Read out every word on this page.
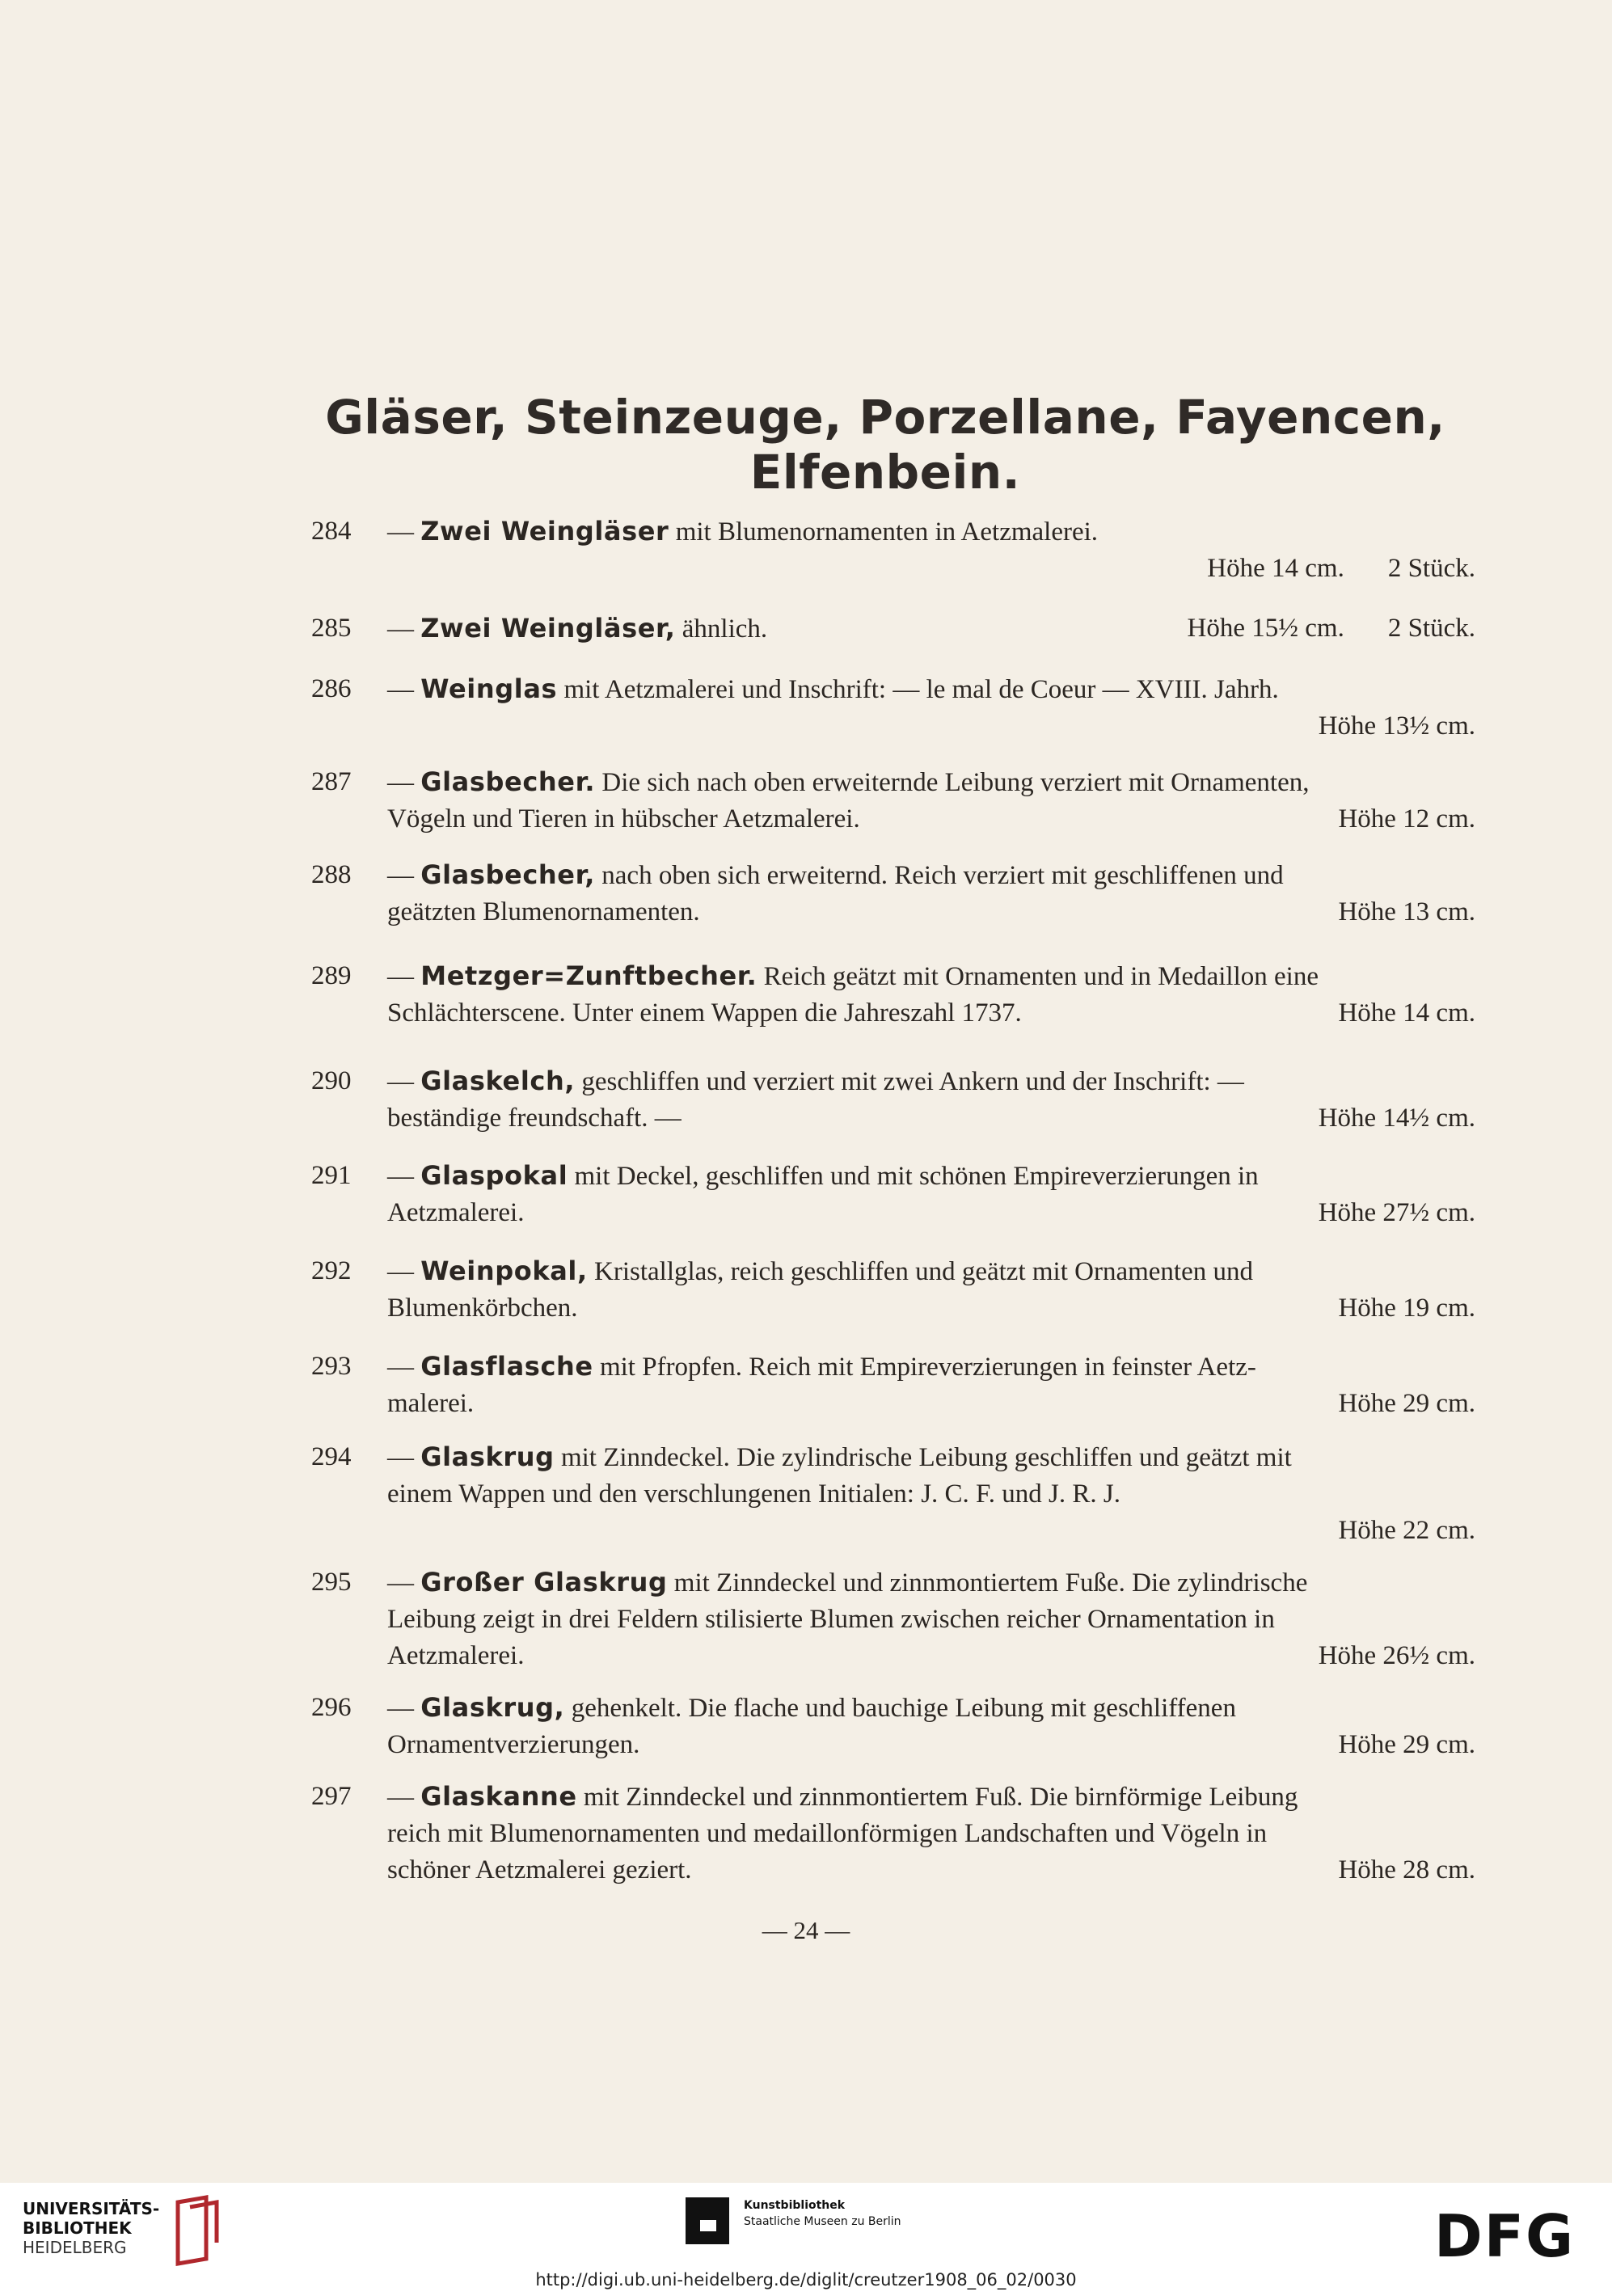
Gläser, Steinzeuge, Porzellane, Fayencen, Elfenbein.
284	— Zwei Weingläser mit Blumenornamenten in Aetzmalerei.
Höhe 14 cm. 2 Stück.
285	— Zwei Weingläser, ähnlich.	Höhe 15½ cm. 2 Stück.
286	— Weinglas mit Aetzmalerei und Inschrift: — le mal de Coeur — XVIII. Jahrh.
Höhe 13½ cm.
287	— Glasbecher. Die sich nach oben erweiternde Leibung verziert mit Ornamenten,
Vögeln und Tieren in hübscher Aetzmalerei.	Höhe 12 cm.
288	— Glasbecher, nach oben sich erweiternd. Reich verziert mit geschliffenen und
geätzten Blumenornamenten.	Höhe 13 cm.
289	— Metzger=Zunftbecher. Reich geätzt mit Ornamenten und in Medaillon eine
Schlächterscene. Unter einem Wappen die Jahreszahl 1737.	Höhe 14 cm.
290	— Glaskelch, geschliffen und verziert mit zwei Ankern und der Inschrift: —
beständige freundschaft. —	Höhe 14½ cm.
291	— Glaspokal mit Deckel, geschliffen und mit schönen Empireverzierungen in
Aetzmalerei.	Höhe 27½ cm.
292	— Weinpokal, Kristallglas, reich geschliffen und geätzt mit Ornamenten und
Blumenkörbchen.	Höhe 19 cm.
293	— Glasflasche mit Pfropfen. Reich mit Empireverzierungen in feinster Aetz-
malerei.	Höhe 29 cm.
294	— Glaskrug mit Zinndeckel. Die zylindrische Leibung geschliffen und geätzt mit
einem Wappen und den verschlungenen Initialen: J. C. F. und J. R. J.
Höhe 22 cm.
295	— Großer Glaskrug mit Zinndeckel und zinnmontiertem Fuße. Die zylindrische
Leibung zeigt in drei Feldern stilisierte Blumen zwischen reicher Ornamentation in
Aetzmalerei.	Höhe 26½ cm.
296	— Glaskrug, gehenkelt. Die flache und bauchige Leibung mit geschliffenen
Ornamentverzierungen.	Höhe 29 cm.
297	— Glaskanne mit Zinndeckel und zinnmontiertem Fuß. Die birnförmige Leibung
reich mit Blumenornamenten und medaillonförmigen Landschaften und Vögeln in
schöner Aetzmalerei geziert.	Höhe 28 cm.
— 24 —
UNIVERSITÄTS-
BIBLIOTHEK
HEIDELBERG
Kunstbibliothek
Staatliche Museen zu Berlin	DFG
http://digi.ub.uni-heidelberg.de/diglit/creutzer1908_06_02/0030
